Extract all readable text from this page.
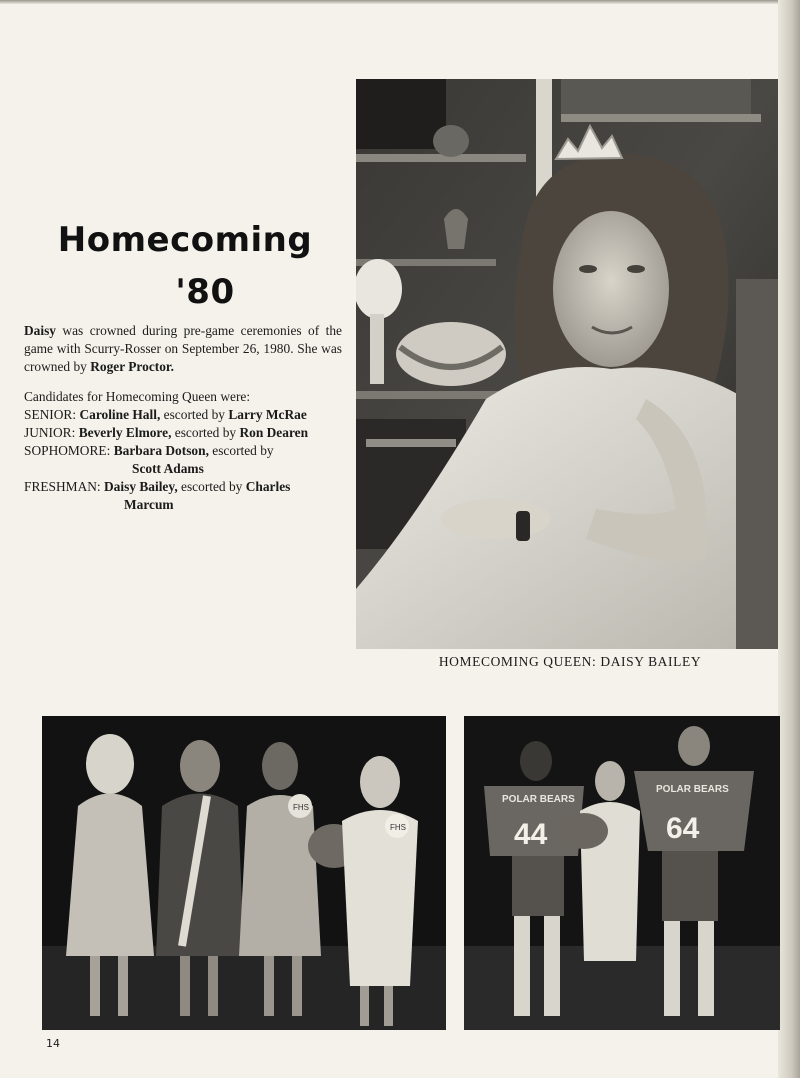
Homecoming
'80
Daisy was crowned during pre-game ceremonies of the game with Scurry-Rosser on September 26, 1980. She was crowned by Roger Proctor.
Candidates for Homecoming Queen were:
SENIOR: Caroline Hall, escorted by Larry McRae
JUNIOR: Beverly Elmore, escorted by Ron Dearen
SOPHOMORE: Barbara Dotson, escorted by
Scott Adams
FRESHMAN: Daisy Bailey, escorted by Charles
Marcum
HOMECOMING QUEEN: DAISY BAILEY
FHS
FHS
POLAR BEARS
44
POLAR BEARS
64
14
